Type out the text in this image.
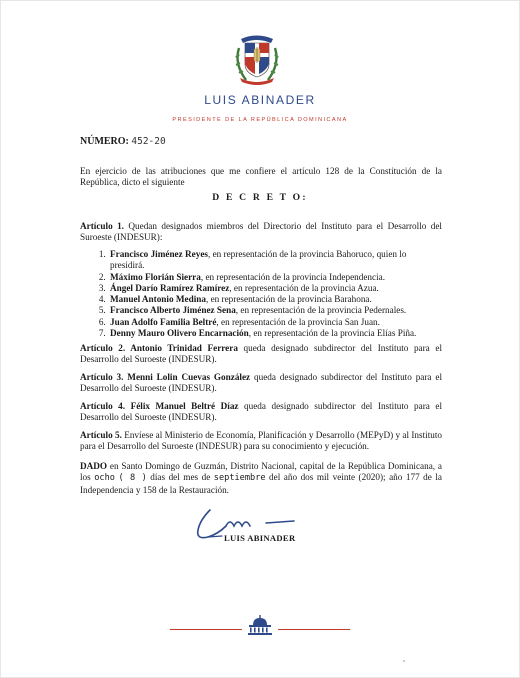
LUIS ABINADER
PRESIDENTE DE LA REPÚBLICA DOMINICANA
NÚMERO: 452-20

En ejercicio de las atribuciones que me confiere el artículo 128 de la Constitución de la República, dicto el siguiente

D E C R E T O:

Artículo 1. Quedan designados miembros del Directorio del Instituto para el Desarrollo del Suroeste (INDESUR):

1. Francisco Jiménez Reyes, en representación de la provincia Bahoruco, quien lo presidirá.
2. Máximo Florián Sierra, en representación de la provincia Independencia.
3. Ángel Darío Ramírez Ramírez, en representación de la provincia Azua.
4. Manuel Antonio Medina, en representación de la provincia Barahona.
5. Francisco Alberto Jiménez Sena, en representación de la provincia Pedernales.
6. Juan Adolfo Familia Beltré, en representación de la provincia San Juan.
7. Denny Mauro Olivero Encarnación, en representación de la provincia Elías Piña.

Artículo 2. Antonio Trinidad Ferrera queda designado subdirector del Instituto para el Desarrollo del Suroeste (INDESUR).

Artículo 3. Menni Lolin Cuevas González queda designado subdirector del Instituto para el Desarrollo del Suroeste (INDESUR).

Artículo 4. Félix Manuel Beltré Díaz queda designado subdirector del Instituto para el Desarrollo del Suroeste (INDESUR).

Artículo 5. Envíese al Ministerio de Economía, Planificación y Desarrollo (MEPyD) y al Instituto para el Desarrollo del Suroeste (INDESUR) para su conocimiento y ejecución.

DADO en Santo Domingo de Guzmán, Distrito Nacional, capital de la República Dominicana, a los ocho ( 8 ) días del mes de septiembre del año dos mil veinte (2020); año 177 de la Independencia y 158 de la Restauración.

LUIS ABINADER
